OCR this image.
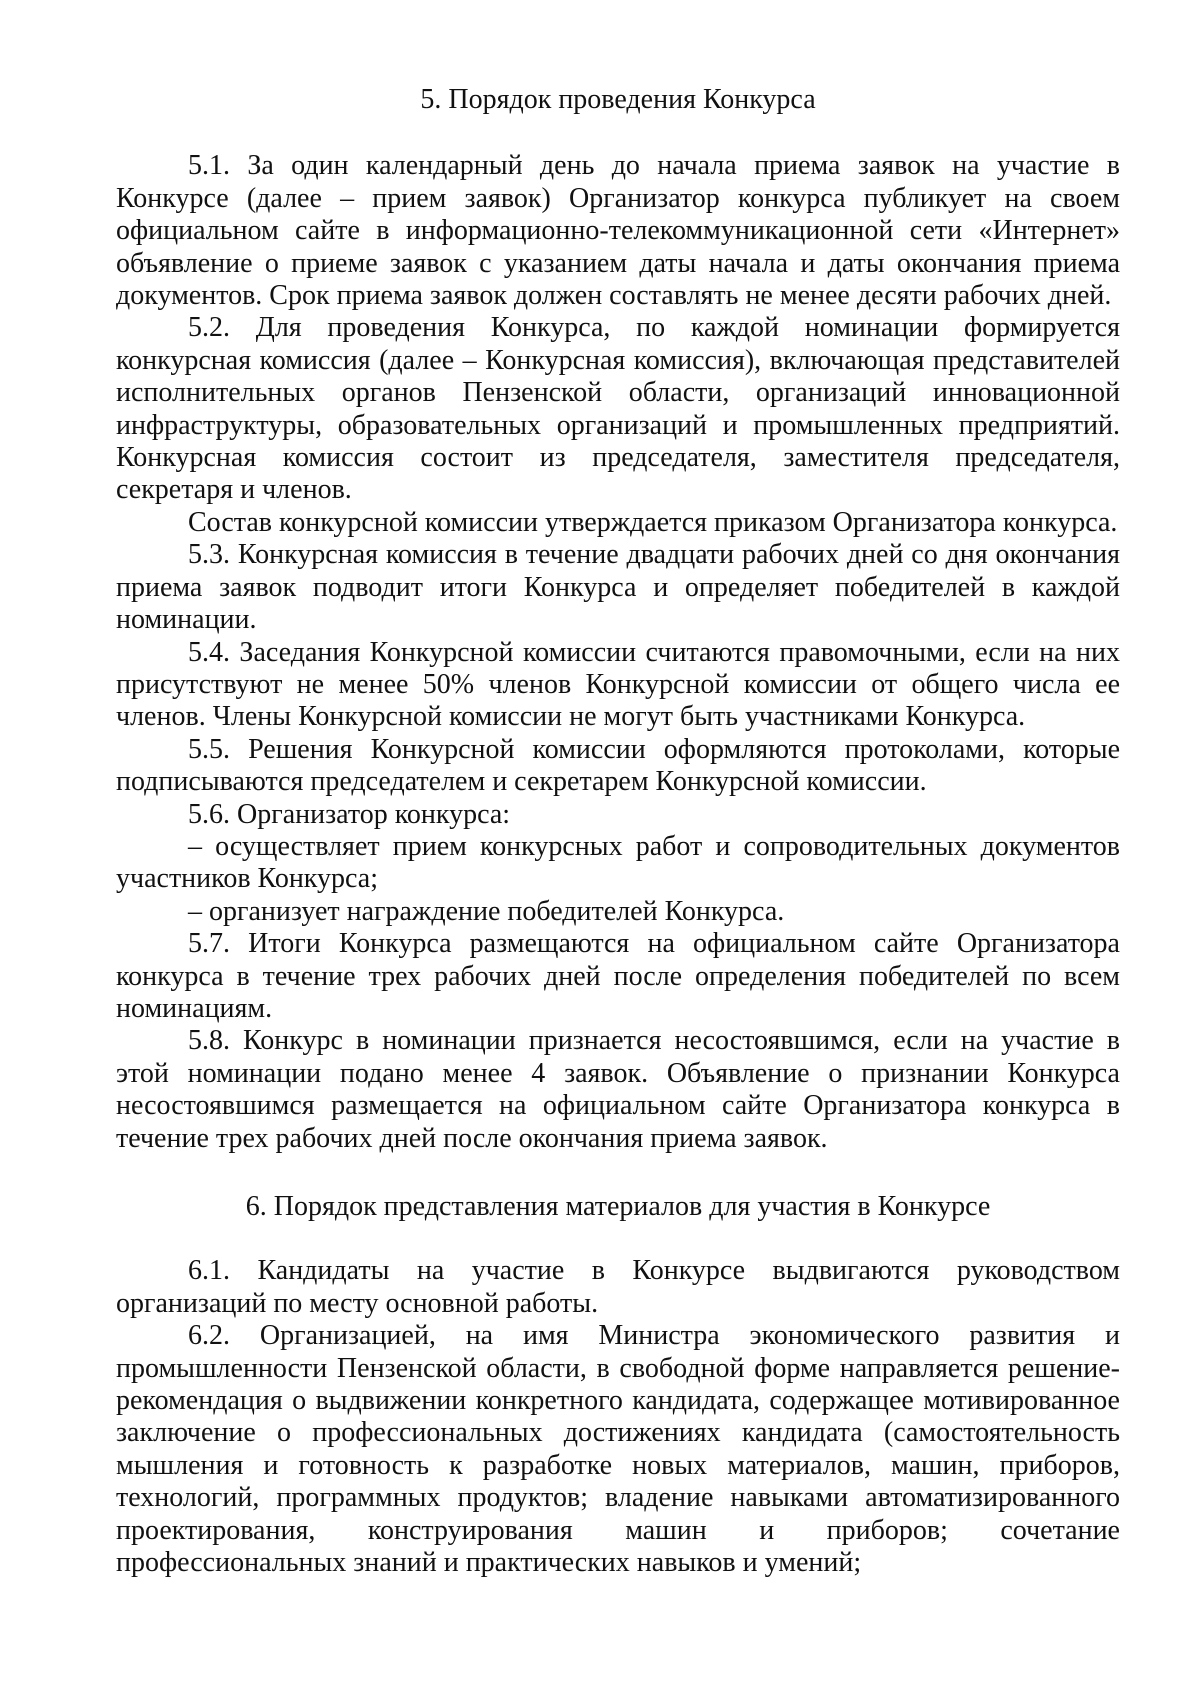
5. Порядок проведения Конкурса

5.1. За один календарный день до начала приема заявок на участие в Конкурсе (далее – прием заявок) Организатор конкурса публикует на своем официальном сайте в информационно-телекоммуникационной сети «Интернет» объявление о приеме заявок с указанием даты начала и даты окончания приема документов. Срок приема заявок должен составлять не менее десяти рабочих дней.

5.2. Для проведения Конкурса, по каждой номинации формируется конкурсная комиссия (далее – Конкурсная комиссия), включающая представителей исполнительных органов Пензенской области, организаций инновационной инфраструктуры, образовательных организаций и промышленных предприятий. Конкурсная комиссия состоит из председателя, заместителя председателя, секретаря и членов.

Состав конкурсной комиссии утверждается приказом Организатора конкурса.

5.3. Конкурсная комиссия в течение двадцати рабочих дней со дня окончания приема заявок подводит итоги Конкурса и определяет победителей в каждой номинации.

5.4. Заседания Конкурсной комиссии считаются правомочными, если на них присутствуют не менее 50% членов Конкурсной комиссии от общего числа ее членов. Члены Конкурсной комиссии не могут быть участниками Конкурса.

5.5. Решения Конкурсной комиссии оформляются протоколами, которые подписываются председателем и секретарем Конкурсной комиссии.

5.6. Организатор конкурса:

– осуществляет прием конкурсных работ и сопроводительных документов участников Конкурса;

– организует награждение победителей Конкурса.

5.7. Итоги Конкурса размещаются на официальном сайте Организатора конкурса в течение трех рабочих дней после определения победителей по всем номинациям.

5.8. Конкурс в номинации признается несостоявшимся, если на участие в этой номинации подано менее 4 заявок. Объявление о признании Конкурса несостоявшимся размещается на официальном сайте Организатора конкурса в течение трех рабочих дней после окончания приема заявок.

6. Порядок представления материалов для участия в Конкурсе

6.1. Кандидаты на участие в Конкурсе выдвигаются руководством организаций по месту основной работы.

6.2. Организацией, на имя Министра экономического развития и промышленности Пензенской области, в свободной форме направляется решение-рекомендация о выдвижении конкретного кандидата, содержащее мотивированное заключение о профессиональных достижениях кандидата (самостоятельность мышления и готовность к разработке новых материалов, машин, приборов, технологий, программных продуктов; владение навыками автоматизированного проектирования, конструирования машин и приборов; сочетание профессиональных знаний и практических навыков и умений;
